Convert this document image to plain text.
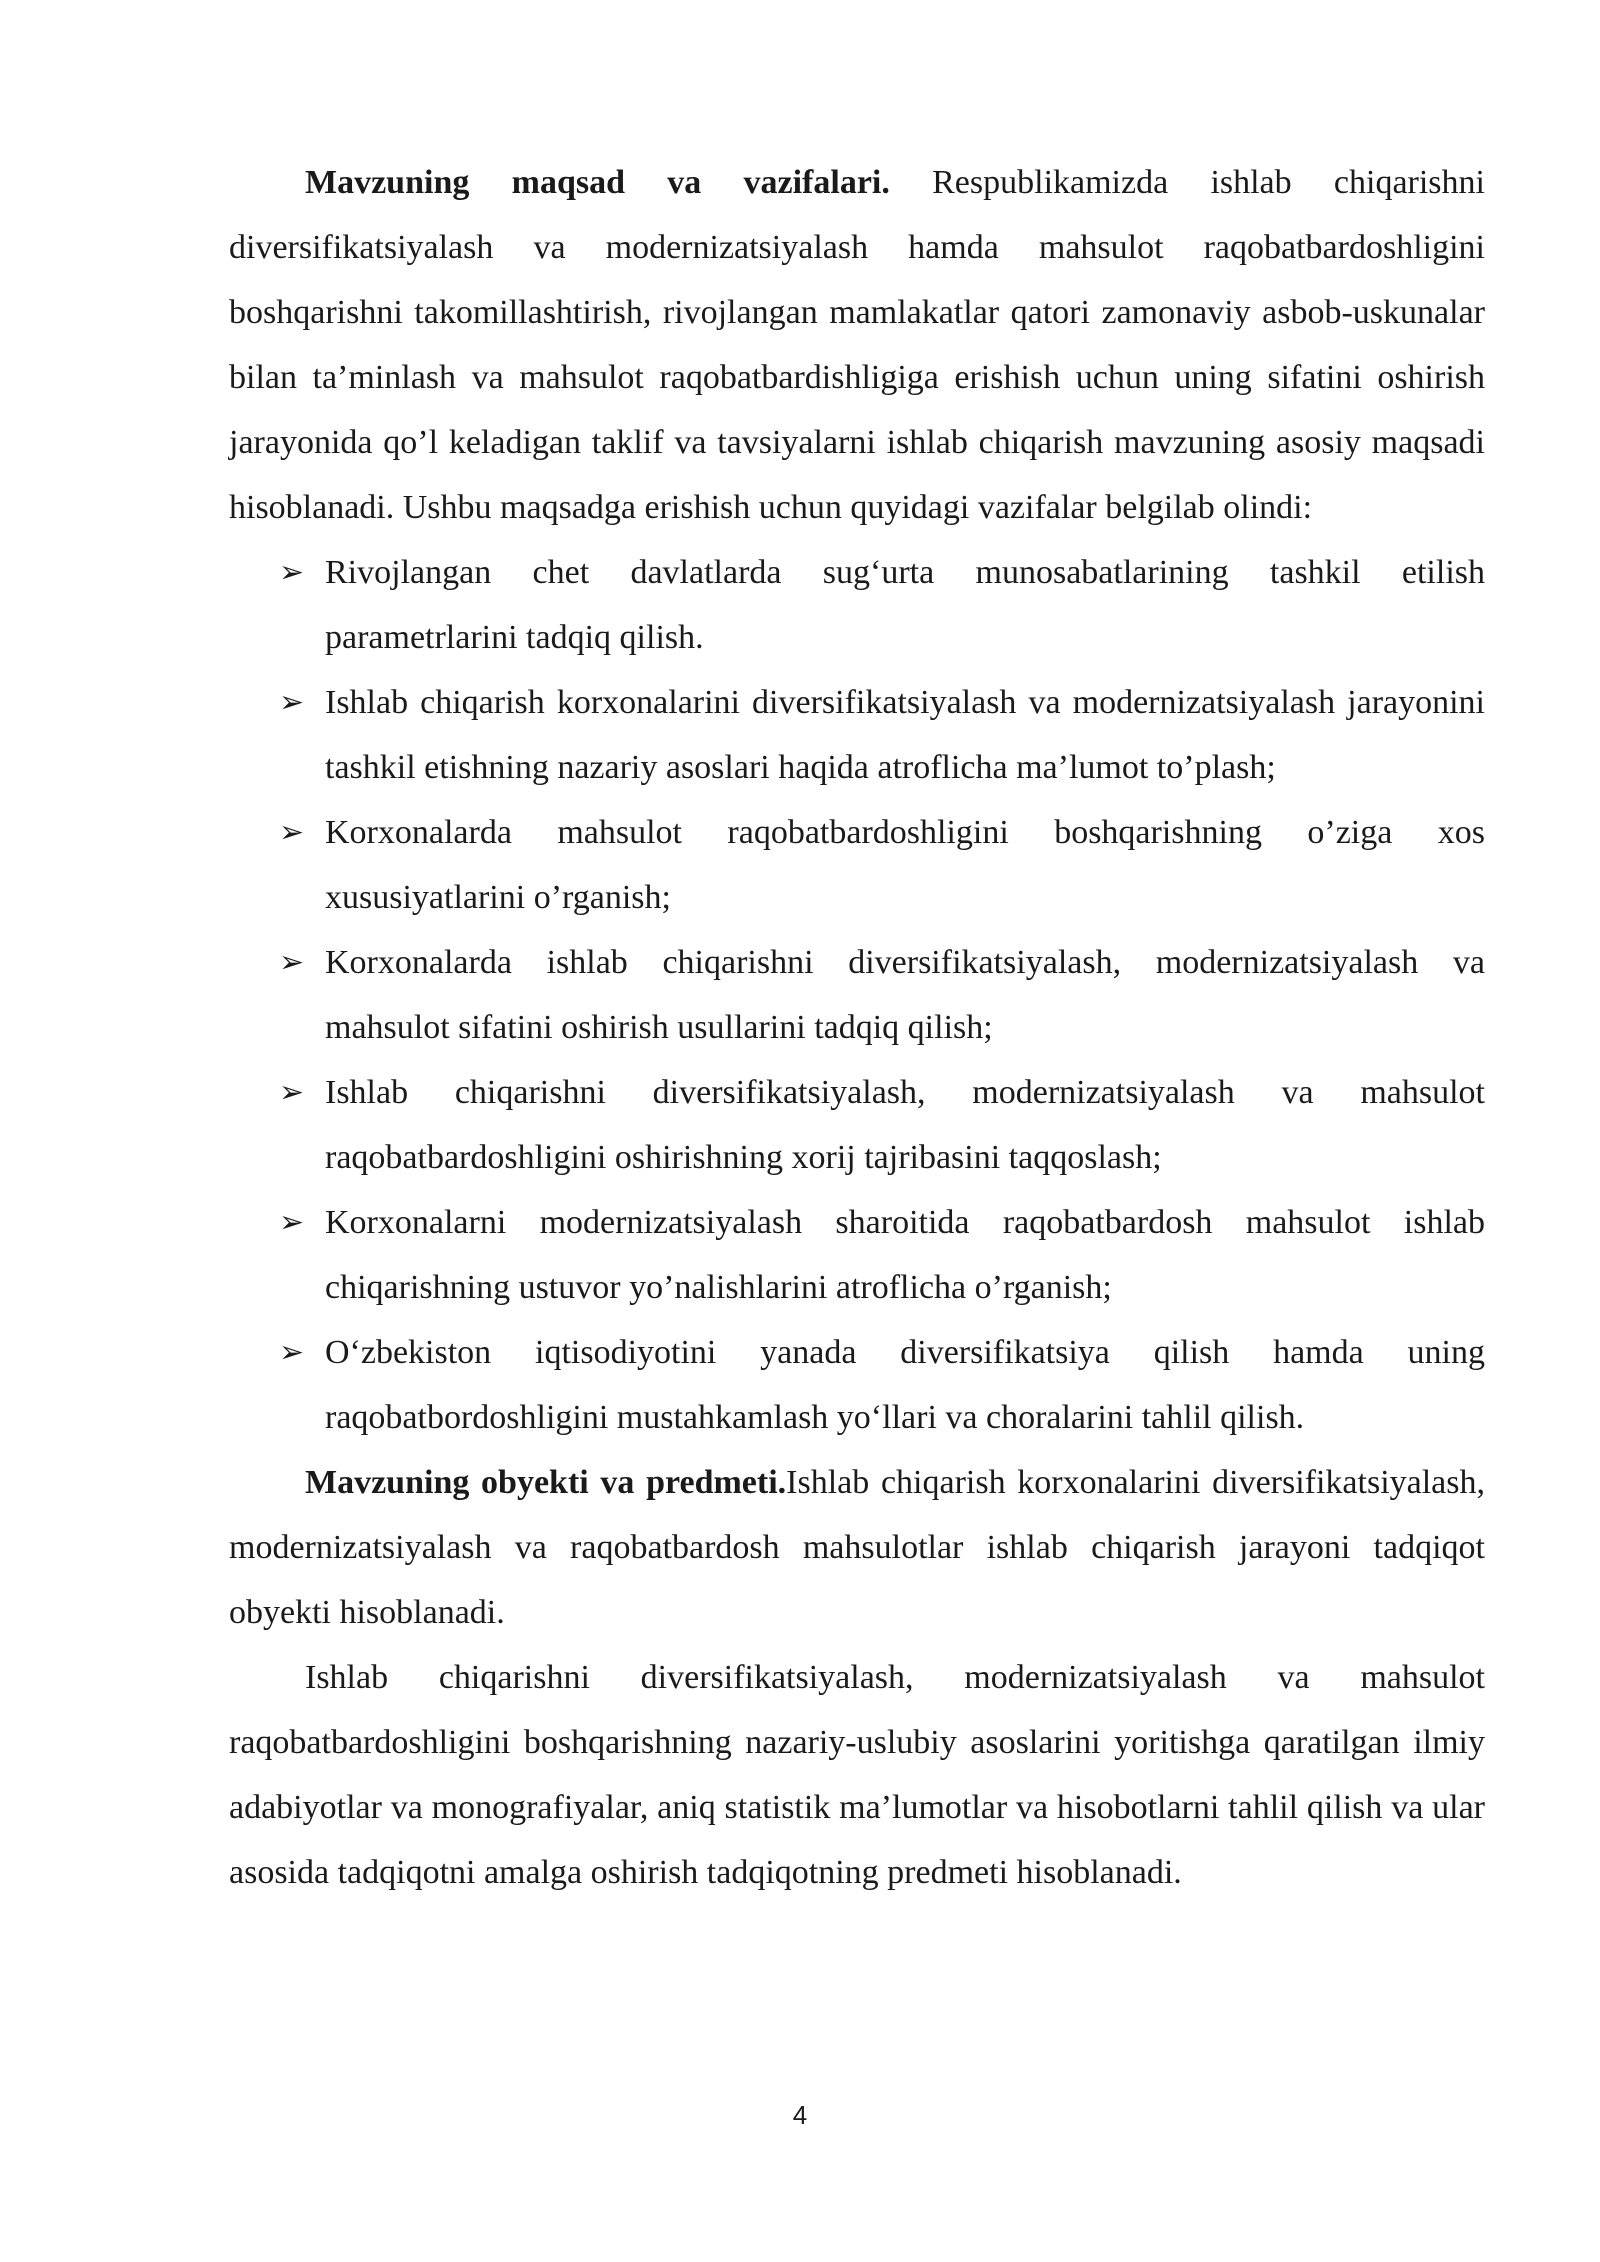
Mavzuning maqsad va vazifalari. Respublikamizda ishlab chiqarishni diversifikatsiyalash va modernizatsiyalash hamda mahsulot raqobatbardoshligini boshqarishni takomillashtirish, rivojlangan mamlakatlar qatori zamonaviy asbob-uskunalar bilan ta’minlash va mahsulot raqobatbardishligiga erishish uchun uning sifatini oshirish jarayonida qo’l keladigan taklif va tavsiyalarni ishlab chiqarish mavzuning asosiy maqsadi hisoblanadi. Ushbu maqsadga erishish uchun quyidagi vazifalar belgilab olindi:

➢ Rivojlangan chet davlatlarda sug‘urta munosabatlarining tashkil etilish parametrlarini tadqiq qilish.
➢ Ishlab chiqarish korxonalarini diversifikatsiyalash va modernizatsiyalash jarayonini tashkil etishning nazariy asoslari haqida atroflicha ma’lumot to’plash;
➢ Korxonalarda mahsulot raqobatbardoshligini boshqarishning o’ziga xos xususiyatlarini o’rganish;
➢ Korxonalarda ishlab chiqarishni diversifikatsiyalash, modernizatsiyalash va mahsulot sifatini oshirish usullarini tadqiq qilish;
➢ Ishlab chiqarishni diversifikatsiyalash, modernizatsiyalash va mahsulot raqobatbardoshligini oshirishning xorij tajribasini taqqoslash;
➢ Korxonalarni modernizatsiyalash sharoitida raqobatbardosh mahsulot ishlab chiqarishning ustuvor yo’nalishlarini atroflicha o’rganish;
➢ O‘zbekiston iqtisodiyotini yanada diversifikatsiya qilish hamda uning raqobatbordoshligini mustahkamlash yo‘llari va choralarini tahlil qilish.

Mavzuning obyekti va predmeti.Ishlab chiqarish korxonalarini diversifikatsiyalash, modernizatsiyalash va raqobatbardosh mahsulotlar ishlab chiqarish jarayoni tadqiqot obyekti hisoblanadi.

Ishlab chiqarishni diversifikatsiyalash, modernizatsiyalash va mahsulot raqobatbardoshligini boshqarishning nazariy-uslubiy asoslarini yoritishga qaratilgan ilmiy adabiyotlar va monografiyalar, aniq statistik ma’lumotlar va hisobotlarni tahlil qilish va ular asosida tadqiqotni amalga oshirish tadqiqotning predmeti hisoblanadi.

4
